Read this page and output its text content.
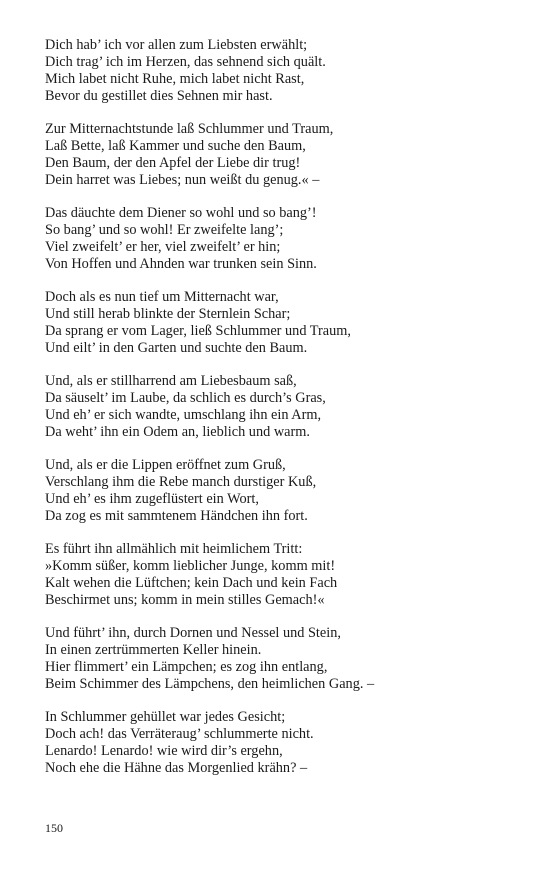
Dich hab’ ich vor allen zum Liebsten erwählt;
Dich trag’ ich im Herzen, das sehnend sich quält.
Mich labet nicht Ruhe, mich labet nicht Rast,
Bevor du gestillet dies Sehnen mir hast.
Zur Mitternachtstunde laß Schlummer und Traum,
Laß Bette, laß Kammer und suche den Baum,
Den Baum, der den Apfel der Liebe dir trug!
Dein harret was Liebes; nun weißt du genug.« –
Das däuchte dem Diener so wohl und so bang’!
So bang’ und so wohl! Er zweifelte lang’;
Viel zweifelt’ er her, viel zweifelt’ er hin;
Von Hoffen und Ahnden war trunken sein Sinn.
Doch als es nun tief um Mitternacht war,
Und still herab blinkte der Sternlein Schar;
Da sprang er vom Lager, ließ Schlummer und Traum,
Und eilt’ in den Garten und suchte den Baum.
Und, als er stillharrend am Liebesbaum saß,
Da säuselt’ im Laube, da schlich es durch’s Gras,
Und eh’ er sich wandte, umschlang ihn ein Arm,
Da weht’ ihn ein Odem an, lieblich und warm.
Und, als er die Lippen eröffnet zum Gruß,
Verschlang ihm die Rebe manch durstiger Kuß,
Und eh’ es ihm zugeflüstert ein Wort,
Da zog es mit sammtenem Händchen ihn fort.
Es führt ihn allmählich mit heimlichem Tritt:
»Komm süßer, komm lieblicher Junge, komm mit!
Kalt wehen die Lüftchen; kein Dach und kein Fach
Beschirmet uns; komm in mein stilles Gemach!«
Und führt’ ihn, durch Dornen und Nessel und Stein,
In einen zertrümmerten Keller hinein.
Hier flimmert’ ein Lämpchen; es zog ihn entlang,
Beim Schimmer des Lämpchens, den heimlichen Gang. –
In Schlummer gehüllet war jedes Gesicht;
Doch ach! das Verräteraug’ schlummerte nicht.
Lenardo! Lenardo! wie wird dir’s ergehn,
Noch ehe die Hähne das Morgenlied krähn? –
150
